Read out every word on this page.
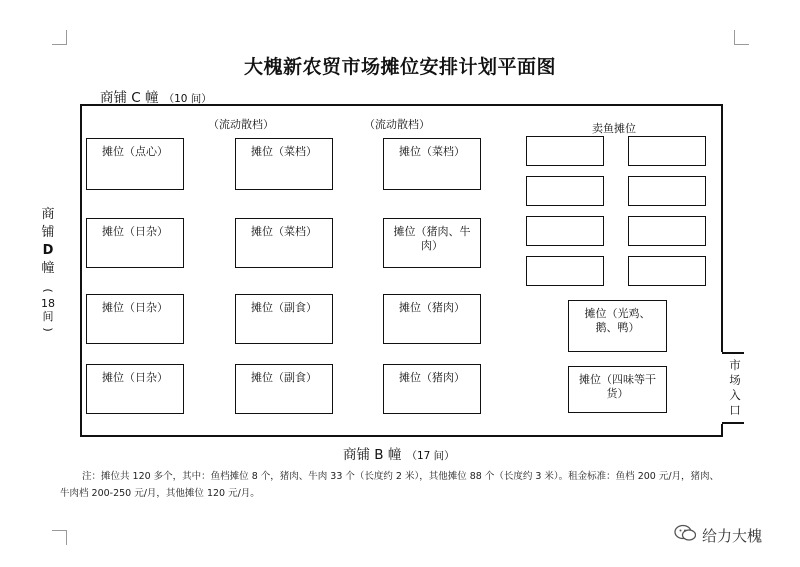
大槐新农贸市场摊位安排计划平面图
商铺 C 幢 （10 间）
商
铺
D
幢
(
18
间
)
市
场
入
口
（流动散档）	（流动散档）	卖鱼摊位
摊位（点心）	摊位（菜档）	摊位（菜档）
摊位（日杂）	摊位（菜档）	摊位（猪肉、牛肉）
摊位（日杂）	摊位（副食）	摊位（猪肉）
摊位（日杂）	摊位（副食）	摊位（猪肉）
摊位（光鸡、鹅、鸭）
摊位（四味等干货）
商铺 B 幢 （17 间）
注：摊位共 120 多个，其中：鱼档摊位 8 个，猪肉、牛肉 33 个（长度约 2 米），其他摊位 88 个（长度约 3 米）。租金标准：鱼档 200 元/月，猪肉、
牛肉档 200-250 元/月，其他摊位 120 元/月。
给力大槐
